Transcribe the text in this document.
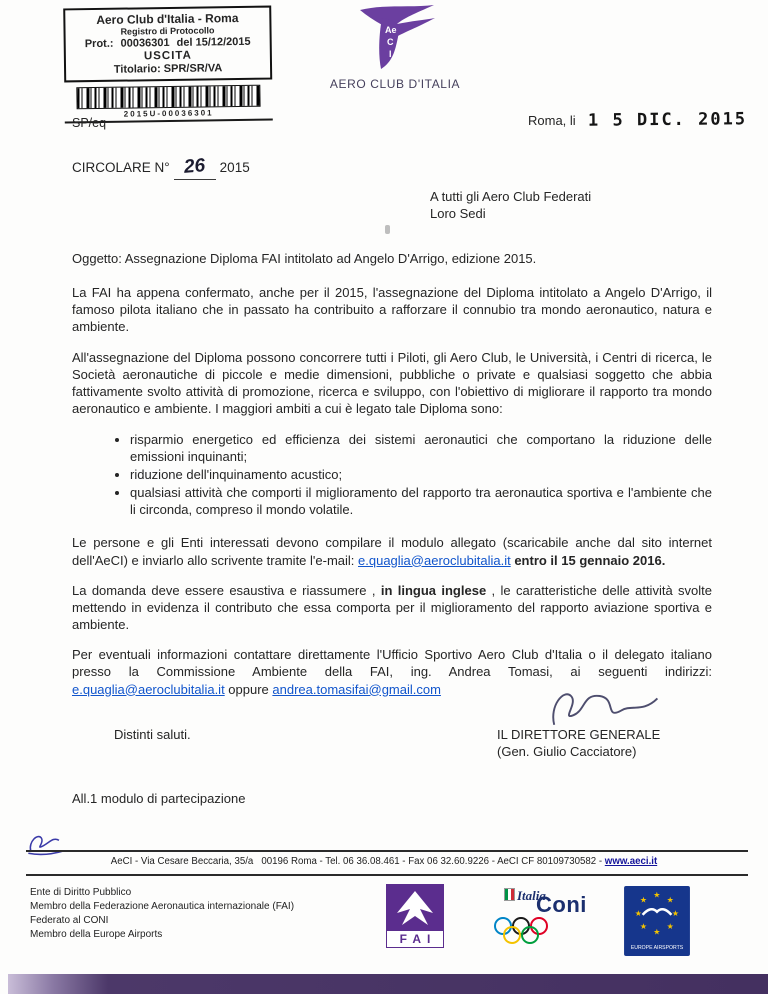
Aero Club d'Italia - Roma
Registro di Protocollo
Prot.: 00036301 del 15/12/2015
USCITA
Titolario: SPR/SR/VA
2015U-00036301
SP/eq
Ae
C
I
AERO CLUB D'ITALIA
Roma, li 1 5 DIC. 2015
CIRCOLARE N° 26 2015
A tutti gli Aero Club Federati
Loro Sedi
Oggetto: Assegnazione Diploma FAI intitolato ad Angelo D'Arrigo, edizione 2015.

La FAI ha appena confermato, anche per il 2015, l'assegnazione del Diploma intitolato a Angelo D'Arrigo, il famoso pilota italiano che in passato ha contribuito a rafforzare il connubio tra mondo aeronautico, natura e ambiente.

All'assegnazione del Diploma possono concorrere tutti i Piloti, gli Aero Club, le Università, i Centri di ricerca, le Società aeronautiche di piccole e medie dimensioni, pubbliche o private e qualsiasi soggetto che abbia fattivamente svolto attività di promozione, ricerca e sviluppo, con l'obiettivo di migliorare il rapporto tra mondo aeronautico e ambiente. I maggiori ambiti a cui è legato tale Diploma sono:

• risparmio energetico ed efficienza dei sistemi aeronautici che comportano la riduzione delle emissioni inquinanti;
• riduzione dell'inquinamento acustico;
• qualsiasi attività che comporti il miglioramento del rapporto tra aeronautica sportiva e l'ambiente che li circonda, compreso il mondo volatile.

Le persone e gli Enti interessati devono compilare il modulo allegato (scaricabile anche dal sito internet dell'AeCI) e inviarlo allo scrivente tramite l'e-mail: e.quaglia@aeroclubitalia.it entro il 15 gennaio 2016.

La domanda deve essere esaustiva e riassumere , in lingua inglese , le caratteristiche delle attività svolte mettendo in evidenza il contributo che essa comporta per il miglioramento del rapporto aviazione sportiva e ambiente.

Per eventuali informazioni contattare direttamente l'Ufficio Sportivo Aero Club d'Italia o il delegato italiano presso la Commissione Ambiente della FAI, ing. Andrea Tomasi, ai seguenti indirizzi: e.quaglia@aeroclubitalia.it oppure andrea.tomasifai@gmail.com

Distinti saluti.	IL DIRETTORE GENERALE
(Gen. Giulio Cacciatore)
All.1 modulo di partecipazione
AeCI - Via Cesare Beccaria, 35/a   00196 Roma - Tel. 06 36.08.461 - Fax 06 32.60.9226 - AeCI CF 80109730582 - www.aeci.it
Ente di Diritto Pubblico
Membro della Federazione Aeronautica internazionale (FAI)
Federato al CONI
Membro della Europe Airports	FAI
Italia
Coni	★
★
★
★
★
★
★
★
EUROPE AIRSPORTS
